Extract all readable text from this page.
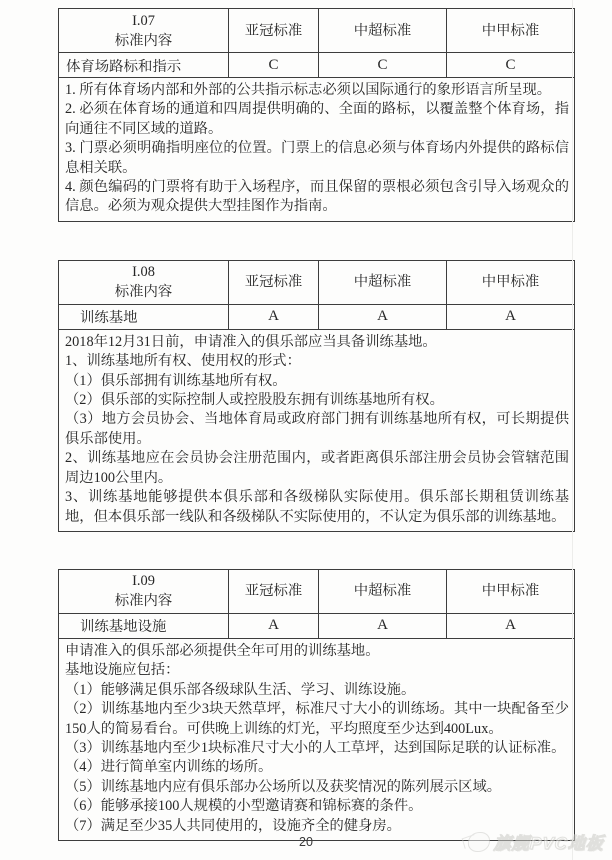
I.07
标准内容	亚冠标准	中超标准	中甲标准
体育场路标和指示	C	C	C

1. 所有体育场内部和外部的公共指示标志必须以国际通行的象形语言所呈现。

2. 必须在体育场的通道和四周提供明确的、全面的路标，以覆盖整个体育场，指向通往不同区域的道路。

3. 门票必须明确指明座位的位置。门票上的信息必须与体育场内外提供的路标信息相关联。

4. 颜色编码的门票将有助于入场程序，而且保留的票根必须包含引导入场观众的信息。必须为观众提供大型挂图作为指南。			

I.08
标准内容	亚冠标准	中超标准	中甲标准
训练基地	A	A	A

2018年12月31日前，申请准入的俱乐部应当具备训练基地。

1、训练基地所有权、使用权的形式：

（1）俱乐部拥有训练基地所有权。

（2）俱乐部的实际控制人或控股股东拥有训练基地所有权。

（3）地方会员协会、当地体育局或政府部门拥有训练基地所有权，可长期提供俱乐部使用。

2、训练基地应在会员协会注册范围内，或者距离俱乐部注册会员协会管辖范围周边100公里内。

3、训练基地能够提供本俱乐部和各级梯队实际使用。俱乐部长期租赁训练基地，但本俱乐部一线队和各级梯队不实际使用的，不认定为俱乐部的训练基地。

I.09
标准内容	亚冠标准	中超标准	中甲标准
训练基地设施	A	A	A

申请准入的俱乐部必须提供全年可用的训练基地。

基地设施应包括：

（1）能够满足俱乐部各级球队生活、学习、训练设施。

（2）训练基地内至少3块天然草坪，标准尺寸大小的训练场。其中一块配备至少150人的简易看台。可供晚上训练的灯光，平均照度至少达到400Lux。

（3）训练基地内至少1块标准尺寸大小的人工草坪，达到国际足联的认证标准。

（4）进行简单室内训练的场所。

（5）训练基地内应有俱乐部办公场所以及获奖情况的陈列展示区域。

（6）能够承接100人规模的小型邀请赛和锦标赛的条件。

（7）满足至少35人共同使用的，设施齐全的健身房。

20	旗舰PVC地板
